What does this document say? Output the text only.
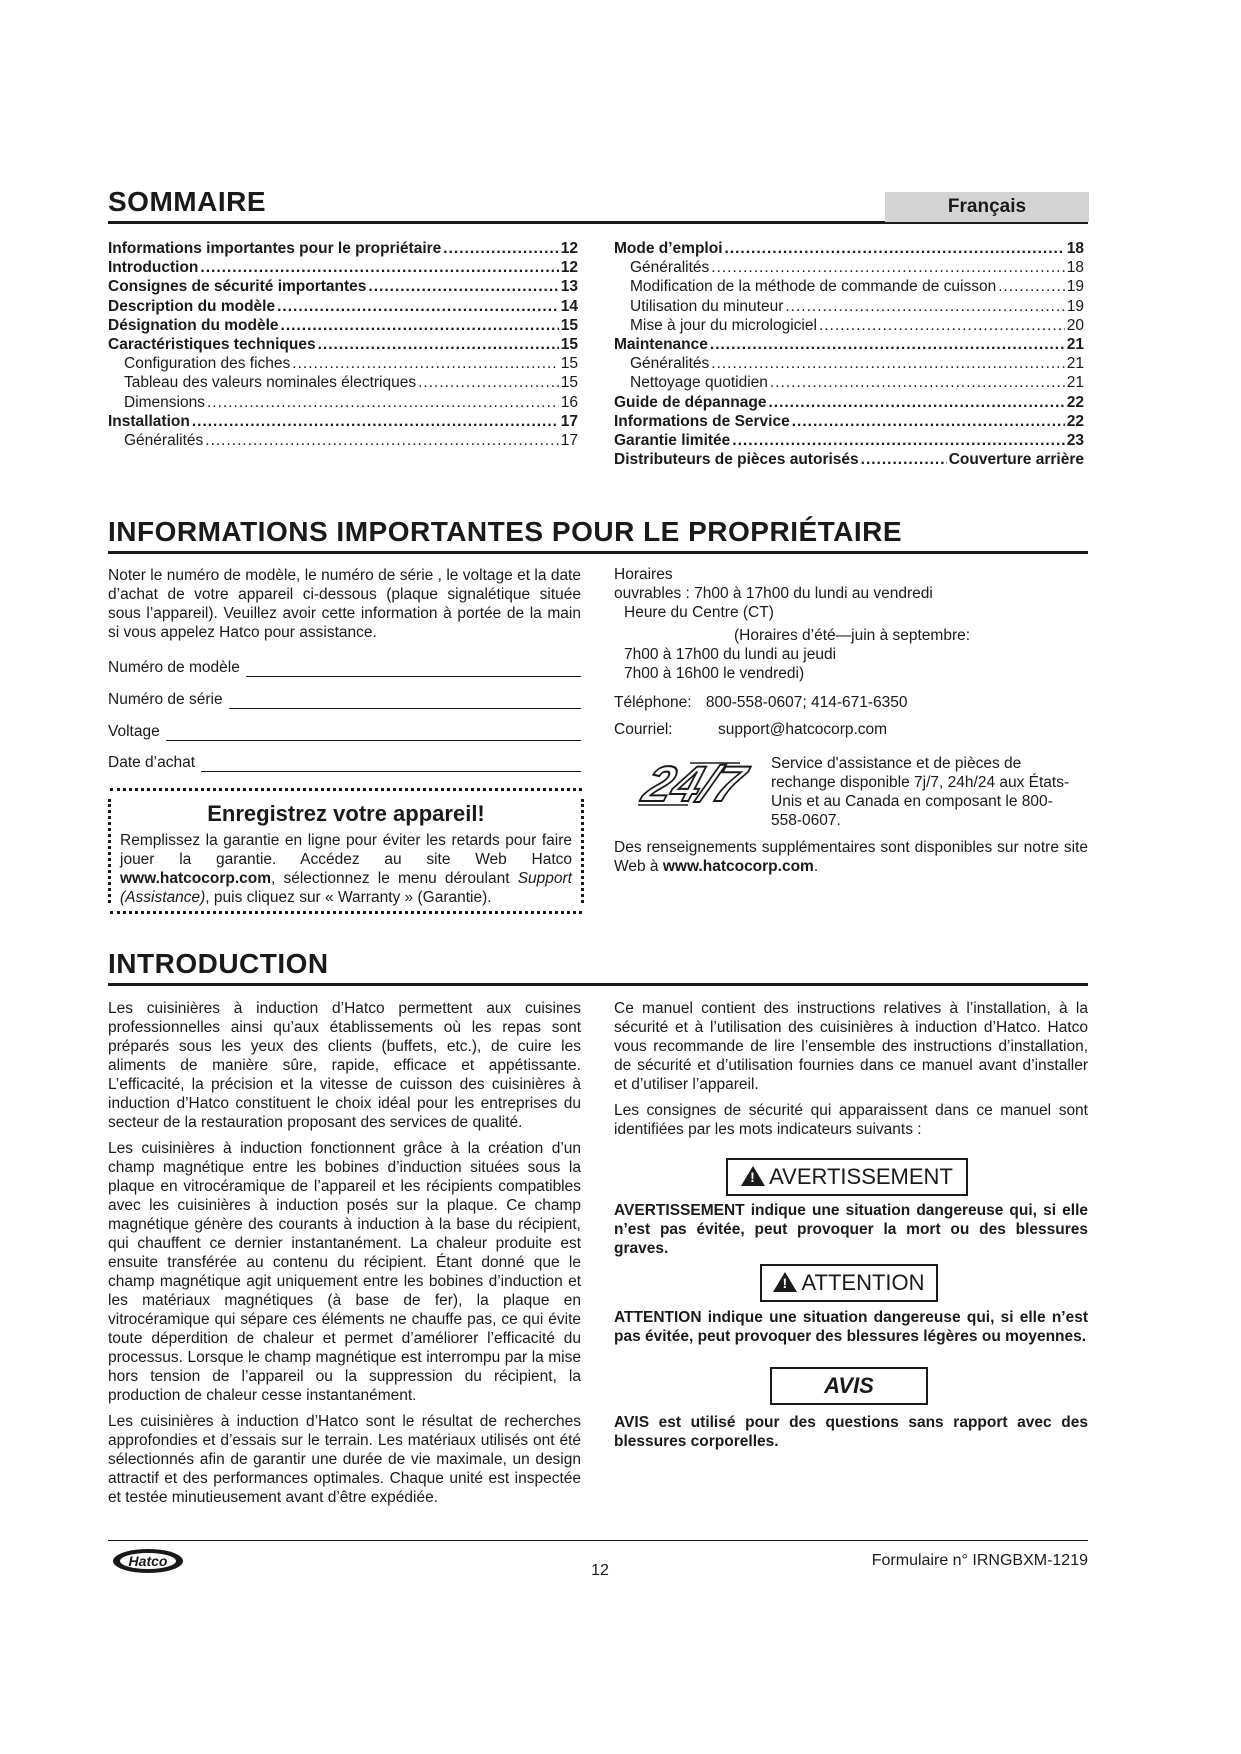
SOMMAIRE	Français
Informations importantes pour le propriétaire .....	12
Introduction .....	12
Consignes de sécurité importantes .....	13
Description du modèle .....	14
Désignation du modèle .....	15
Caractéristiques techniques .....	15
Configuration des fiches .....	15
Tableau des valeurs nominales électriques .....	15
Dimensions .....	16
Installation .....	17
Généralités .....	17
Mode d’emploi .....	18
Généralités .....	18
Modification de la méthode de commande de cuisson .....	19
Utilisation du minuteur .....	19
Mise à jour du micrologiciel .....	20
Maintenance .....	21
Généralités .....	21
Nettoyage quotidien .....	21
Guide de dépannage .....	22
Informations de Service .....	22
Garantie limitée .....	23
Distributeurs de pièces autorisés .....	Couverture arrière
INFORMATIONS IMPORTANTES POUR LE PROPRIÉTAIRE

Noter le numéro de modèle, le numéro de série , le voltage et la date d’achat de votre appareil ci-dessous (plaque signalétique située sous l’appareil). Veuillez avoir cette information à portée de la main si vous appelez Hatco pour assistance.

Numéro de modèle
Numéro de série
Voltage
Date d’achat

Enregistrez votre appareil!

Remplissez la garantie en ligne pour éviter les retards pour faire jouer la garantie. Accédez au site Web Hatco www.hatcocorp.com, sélectionnez le menu déroulant Support (Assistance), puis cliquez sur « Warranty » (Garantie).

Horaires
ouvrables : 7h00 à 17h00 du lundi au vendredi
Heure du Centre (CT)
(Horaires d’été—juin à septembre:
7h00 à 17h00 du lundi au jeudi
7h00 à 16h00 le vendredi)
Téléphone: 800-558-0607; 414-671-6350
Courriel:	support@hatcocorp.com
24/7 Service d'assistance et de pièces de rechange disponible 7j/7, 24h/24 aux États-Unis et au Canada en composant le 800-558-0607.

Des renseignements supplémentaires sont disponibles sur notre site Web à www.hatcocorp.com.

INTRODUCTION

Les cuisinières à induction d’Hatco permettent aux cuisines professionnelles ainsi qu’aux établissements où les repas sont préparés sous les yeux des clients (buffets, etc.), de cuire les aliments de manière sûre, rapide, efficace et appétissante. L’efficacité, la précision et la vitesse de cuisson des cuisinières à induction d’Hatco constituent le choix idéal pour les entreprises du secteur de la restauration proposant des services de qualité.

Les cuisinières à induction fonctionnent grâce à la création d’un champ magnétique entre les bobines d’induction situées sous la plaque en vitrocéramique de l’appareil et les récipients compatibles avec les cuisinières à induction posés sur la plaque. Ce champ magnétique génère des courants à induction à la base du récipient, qui chauffent ce dernier instantanément. La chaleur produite est ensuite transférée au contenu du récipient. Étant donné que le champ magnétique agit uniquement entre les bobines d’induction et les matériaux magnétiques (à base de fer), la plaque en vitrocéramique qui sépare ces éléments ne chauffe pas, ce qui évite toute déperdition de chaleur et permet d’améliorer l’efficacité du processus. Lorsque le champ magnétique est interrompu par la mise hors tension de l’appareil ou la suppression du récipient, la production de chaleur cesse instantanément.

Les cuisinières à induction d’Hatco sont le résultat de recherches approfondies et d’essais sur le terrain. Les matériaux utilisés ont été sélectionnés afin de garantir une durée de vie maximale, un design attractif et des performances optimales. Chaque unité est inspectée et testée minutieusement avant d’être expédiée.

Ce manuel contient des instructions relatives à l’installation, à la sécurité et à l’utilisation des cuisinières à induction d’Hatco. Hatco vous recommande de lire l’ensemble des instructions d’installation, de sécurité et d’utilisation fournies dans ce manuel avant d’installer et d’utiliser l’appareil.

Les consignes de sécurité qui apparaissent dans ce manuel sont identifiées par les mots indicateurs suivants :

!AVERTISSEMENT

AVERTISSEMENT indique une situation dangereuse qui, si elle n’est pas évitée, peut provoquer la mort ou des blessures graves.

!ATTENTION

ATTENTION indique une situation dangereuse qui, si elle n’est pas évitée, peut provoquer des blessures légères ou moyennes.

AVIS

AVIS est utilisé pour des questions sans rapport avec des blessures corporelles.

Hatco
12
Formulaire n° IRNGBXM-1219
